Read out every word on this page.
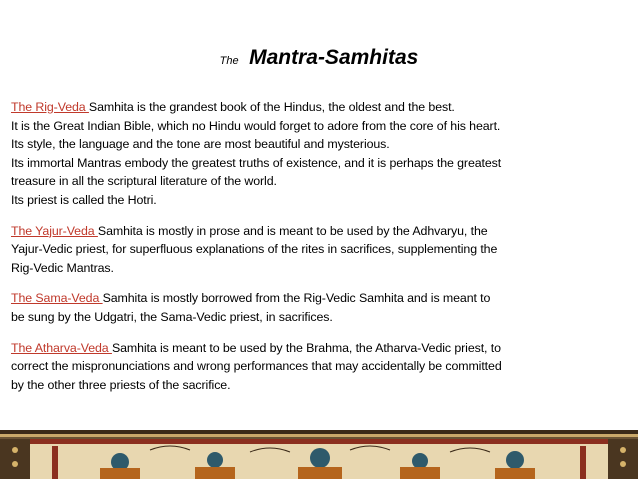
The Mantra-Samhitas
The Rig-Veda Samhita is the grandest book of the Hindus, the oldest and the best.
It is the Great Indian Bible, which no Hindu would forget to adore from the core of his heart.
Its style, the language and the tone are most beautiful and mysterious.
Its immortal Mantras embody the greatest truths of existence, and it is perhaps the greatest
treasure in all the scriptural literature of the world.
Its priest is called the Hotri.
The Yajur-Veda Samhita is mostly in prose and is meant to be used by the Adhvaryu, the
Yajur-Vedic priest, for superfluous explanations of the rites in sacrifices, supplementing the
Rig-Vedic Mantras.
The Sama-Veda Samhita is mostly borrowed from the Rig-Vedic Samhita and is meant to
be sung by the Udgatri, the Sama-Vedic priest, in sacrifices.
The Atharva-Veda Samhita is meant to be used by the Brahma, the Atharva-Vedic priest, to
correct the mispronunciations and wrong performances that may accidentally be committed
by the other three priests of the sacrifice.
